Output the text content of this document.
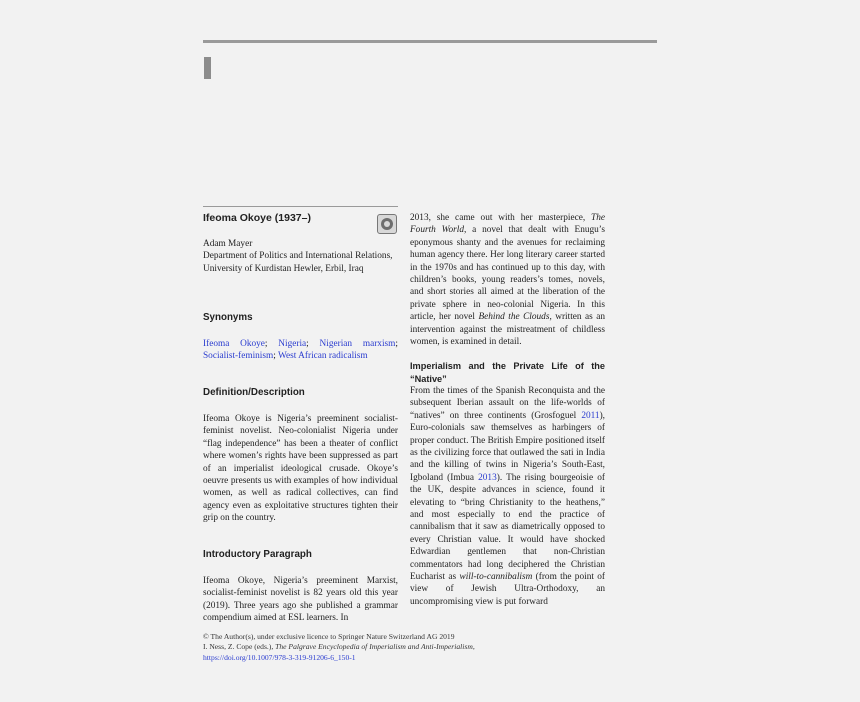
Ifeoma Okoye (1937–)
Adam Mayer
Department of Politics and International Relations, University of Kurdistan Hewler, Erbil, Iraq
Synonyms
Ifeoma Okoye; Nigeria; Nigerian marxism; Socialist-feminism; West African radicalism
Definition/Description
Ifeoma Okoye is Nigeria’s preeminent socialist-feminist novelist. Neo-colonialist Nigeria under “flag independence” has been a theater of conflict where women’s rights have been suppressed as part of an imperialist ideological crusade. Okoye’s oeuvre presents us with examples of how individual women, as well as radical collectives, can find agency even as exploitative structures tighten their grip on the country.
Introductory Paragraph
Ifeoma Okoye, Nigeria’s preeminent Marxist, socialist-feminist novelist is 82 years old this year (2019). Three years ago she published a grammar compendium aimed at ESL learners. In

2013, she came out with her masterpiece, The Fourth World, a novel that dealt with Enugu’s eponymous shanty and the avenues for reclaiming human agency there. Her long literary career started in the 1970s and has continued up to this day, with children’s books, young readers’s tomes, novels, and short stories all aimed at the liberation of the private sphere in neo-colonial Nigeria. In this article, her novel Behind the Clouds, written as an intervention against the mistreatment of childless women, is examined in detail.

Imperialism and the Private Life of the “Native”

From the times of the Spanish Reconquista and the subsequent Iberian assault on the life-worlds of “natives” on three continents (Grosfoguel 2011), Euro-colonials saw themselves as harbingers of proper conduct. The British Empire positioned itself as the civilizing force that outlawed the sati in India and the killing of twins in Nigeria’s South-East, Igboland (Imbua 2013). The rising bourgeoisie of the UK, despite advances in science, found it elevating to “bring Christianity to the heathens,” and most especially to end the practice of cannibalism that it saw as diametrically opposed to every Christian value. It would have shocked Edwardian gentlemen that non-Christian commentators had long deciphered the Christian Eucharist as will-to-cannibalism (from the point of view of Jewish Ultra-Orthodoxy, an uncompromising view is put forward

© The Author(s), under exclusive licence to Springer Nature Switzerland AG 2019
I. Ness, Z. Cope (eds.), The Palgrave Encyclopedia of Imperialism and Anti-Imperialism,
https://doi.org/10.1007/978-3-319-91206-6_150-1
